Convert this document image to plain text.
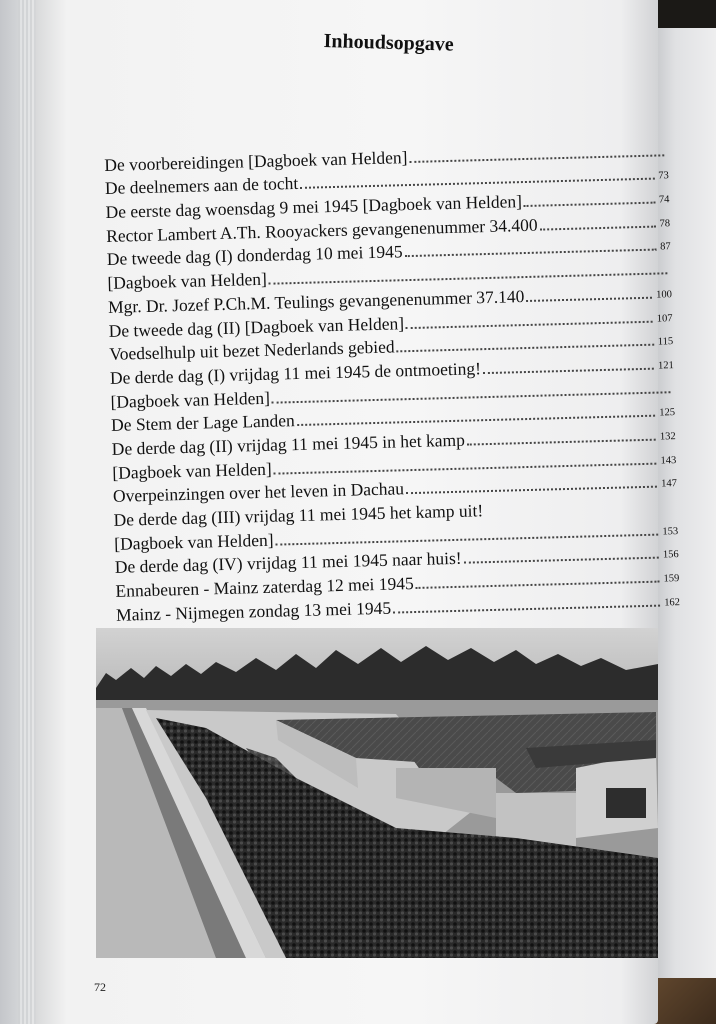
Inhoudsopgave
De voorbereidingen [Dagboek van Helden]
De deelnemers aan de tocht	73
De eerste dag woensdag 9 mei 1945 [Dagboek van Helden]	74
Rector Lambert A.Th. Rooyackers gevangenenummer 34.400	78
De tweede dag (I) donderdag 10 mei 1945	87
[Dagboek van Helden]
Mgr. Dr. Jozef P.Ch.M. Teulings gevangenenummer 37.140	100
De tweede dag (II) [Dagboek van Helden]	107
Voedselhulp uit bezet Nederlands gebied	115
De derde dag (I) vrijdag 11 mei 1945 de ontmoeting!	121
[Dagboek van Helden]
De Stem der Lage Landen	125
De derde dag (II) vrijdag 11 mei 1945 in het kamp	132
[Dagboek van Helden]	143
Overpeinzingen over het leven in Dachau	147
De derde dag (III) vrijdag 11 mei 1945 het kamp uit!
[Dagboek van Helden]	153
De derde dag (IV) vrijdag 11 mei 1945 naar huis!	156
Ennabeuren - Mainz zaterdag 12 mei 1945	159
Mainz - Nijmegen zondag 13 mei 1945	162
72
